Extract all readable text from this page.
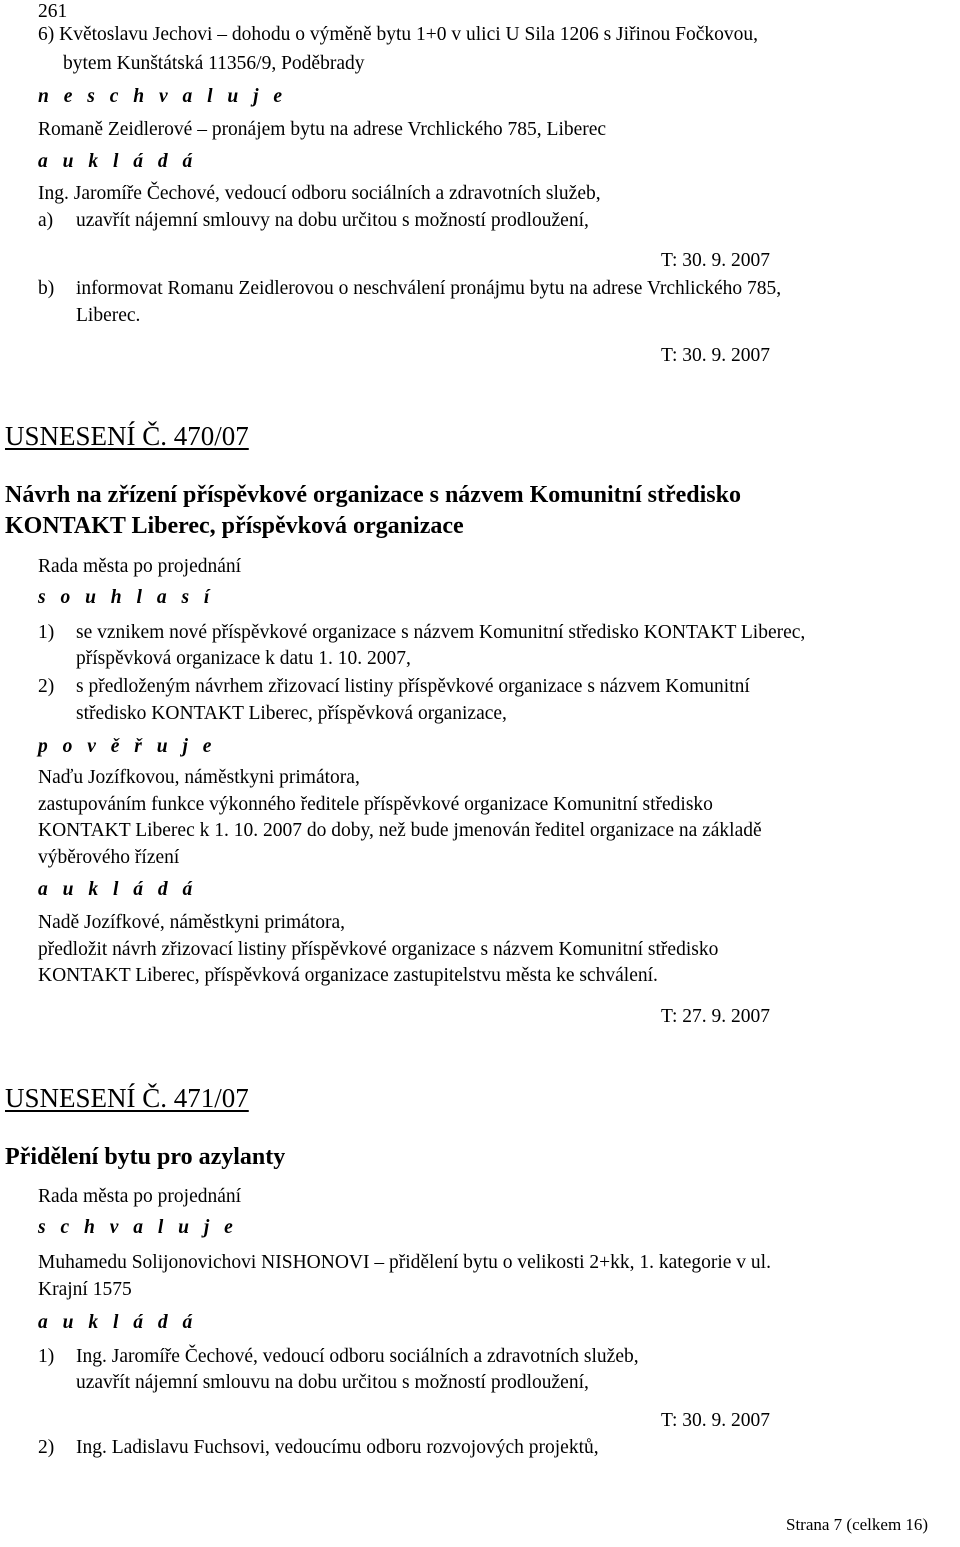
261
6) Květoslavu Jechovi – dohodu o výměně bytu 1+0 v ulici U Sila 1206 s Jiřinou Fočkovou,
bytem Kunštátská 11356/9, Poděbrady
n e s c h v a l u j e
Romaně Zeidlerové – pronájem bytu na adrese Vrchlického 785, Liberec
a u k l á d á
Ing. Jaromíře Čechové, vedoucí odboru sociálních a zdravotních služeb,
a) uzavřít nájemní smlouvy na dobu určitou s možností prodloužení,
T: 30. 9. 2007
b) informovat Romanu Zeidlerovou o neschválení pronájmu bytu na adrese Vrchlického 785,
Liberec.
T: 30. 9. 2007
USNESENÍ Č. 470/07
Návrh na zřízení příspěvkové organizace s názvem Komunitní středisko
KONTAKT Liberec, příspěvková organizace
Rada města po projednání
s o u h l a s í
1) se vznikem nové příspěvkové organizace s názvem Komunitní středisko KONTAKT Liberec,
příspěvková organizace k datu 1. 10. 2007,
2) s předloženým návrhem zřizovací listiny příspěvkové organizace s názvem Komunitní
středisko KONTAKT Liberec, příspěvková organizace,
p o v ě ř u j e
Naďu Jozífkovou, náměstkyni primátora,
zastupováním funkce výkonného ředitele příspěvkové organizace Komunitní středisko
KONTAKT Liberec k 1. 10. 2007 do doby, než bude jmenován ředitel organizace na základě
výběrového řízení
a u k l á d á
Nadě Jozífkové, náměstkyni primátora,
předložit návrh zřizovací listiny příspěvkové organizace s názvem Komunitní středisko
KONTAKT Liberec, příspěvková organizace zastupitelstvu města ke schválení.
T: 27. 9. 2007
USNESENÍ Č. 471/07
Přidělení bytu pro azylanty
Rada města po projednání
s c h v a l u j e
Muhamedu Solijonovichovi NISHONOVI – přidělení bytu o velikosti 2+kk, 1. kategorie v ul.
Krajní 1575
a u k l á d á
1) Ing. Jaromíře Čechové, vedoucí odboru sociálních a zdravotních služeb,
uzavřít nájemní smlouvu na dobu určitou s možností prodloužení,
T: 30. 9. 2007
2) Ing. Ladislavu Fuchsovi, vedoucímu odboru rozvojových projektů,
Strana 7 (celkem 16)
